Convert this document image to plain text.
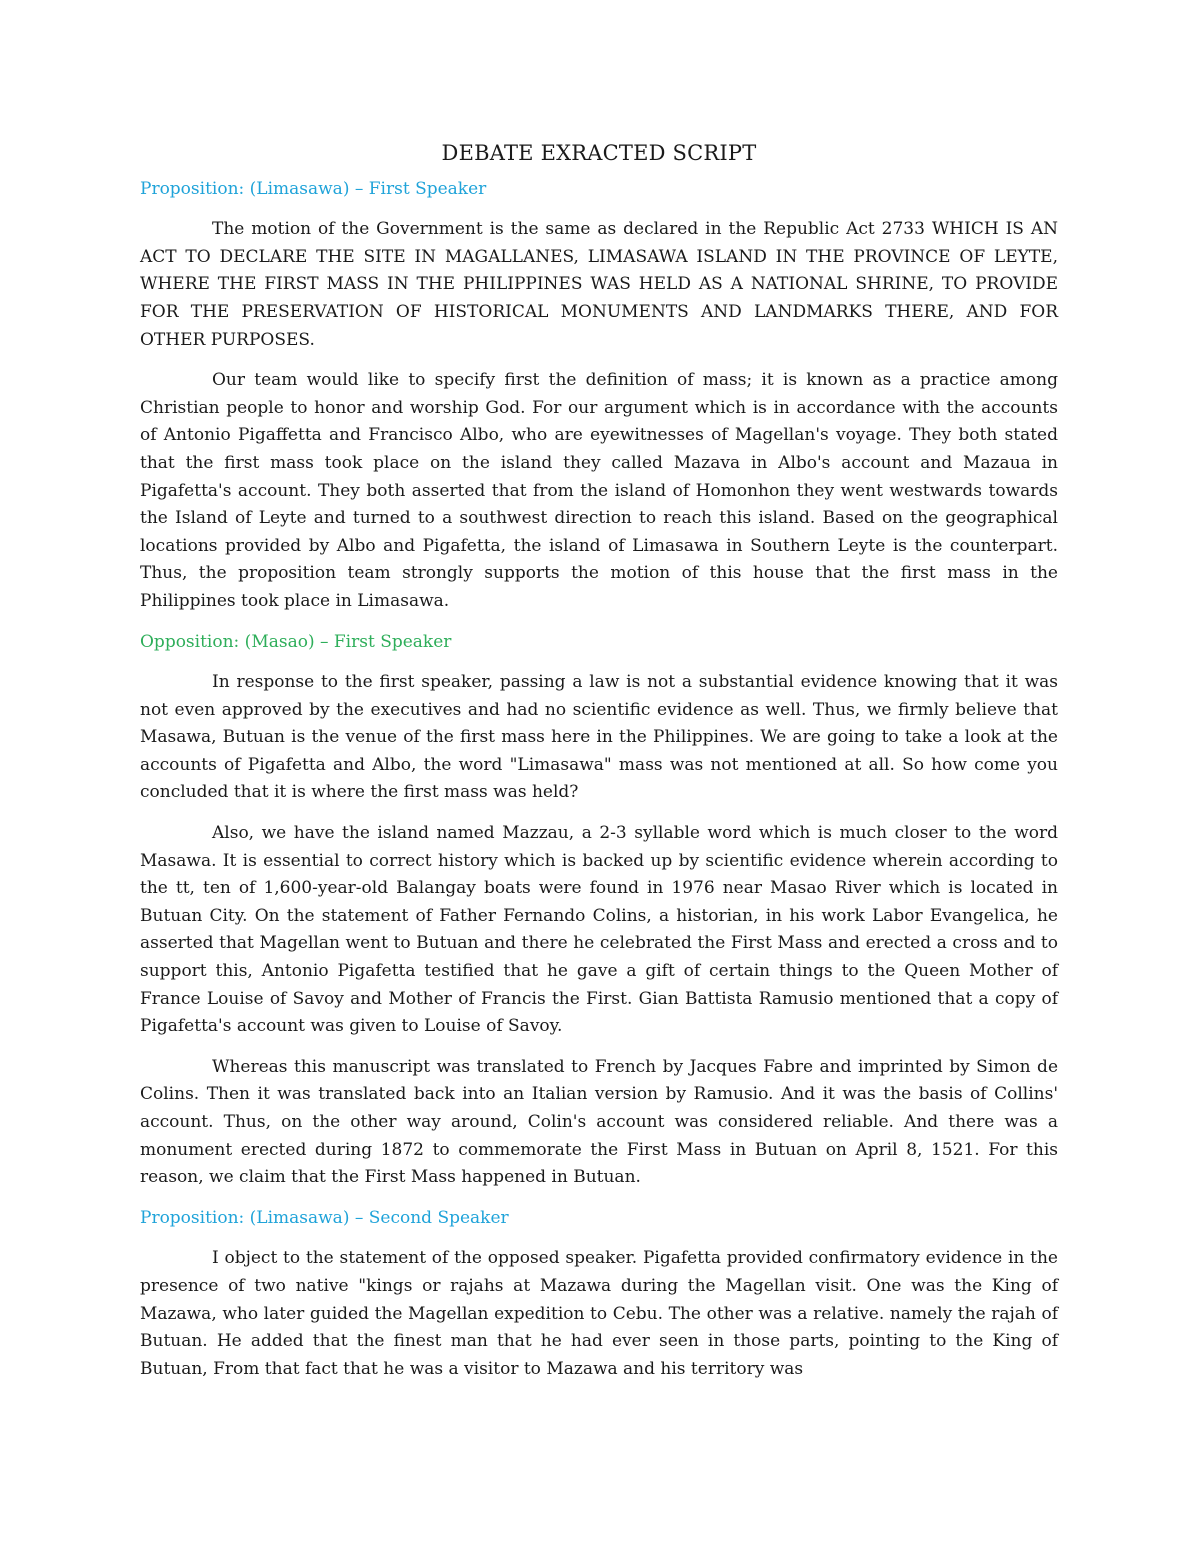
DEBATE EXRACTED SCRIPT
Proposition: (Limasawa) – First Speaker

The motion of the Government is the same as declared in the Republic Act 2733 WHICH IS AN ACT TO DECLARE THE SITE IN MAGALLANES, LIMASAWA ISLAND IN THE PROVINCE OF LEYTE, WHERE THE FIRST MASS IN THE PHILIPPINES WAS HELD AS A NATIONAL SHRINE, TO PROVIDE FOR THE PRESERVATION OF HISTORICAL MONUMENTS AND LANDMARKS THERE, AND FOR OTHER PURPOSES.

Our team would like to specify first the definition of mass; it is known as a practice among Christian people to honor and worship God. For our argument which is in accordance with the accounts of Antonio Pigaffetta and Francisco Albo, who are eyewitnesses of Magellan's voyage. They both stated that the first mass took place on the island they called Mazava in Albo's account and Mazaua in Pigafetta's account. They both asserted that from the island of Homonhon they went westwards towards the Island of Leyte and turned to a southwest direction to reach this island. Based on the geographical locations provided by Albo and Pigafetta, the island of Limasawa in Southern Leyte is the counterpart. Thus, the proposition team strongly supports the motion of this house that the first mass in the Philippines took place in Limasawa.

Opposition: (Masao) – First Speaker

In response to the first speaker, passing a law is not a substantial evidence knowing that it was not even approved by the executives and had no scientific evidence as well. Thus, we firmly believe that Masawa, Butuan is the venue of the first mass here in the Philippines. We are going to take a look at the accounts of Pigafetta and Albo, the word "Limasawa" mass was not mentioned at all. So how come you concluded that it is where the first mass was held?

Also, we have the island named Mazzau, a 2-3 syllable word which is much closer to the word Masawa. It is essential to correct history which is backed up by scientific evidence wherein according to the tt, ten of 1,600-year-old Balangay boats were found in 1976 near Masao River which is located in Butuan City. On the statement of Father Fernando Colins, a historian, in his work Labor Evangelica, he asserted that Magellan went to Butuan and there he celebrated the First Mass and erected a cross and to support this, Antonio Pigafetta testified that he gave a gift of certain things to the Queen Mother of France Louise of Savoy and Mother of Francis the First. Gian Battista Ramusio mentioned that a copy of Pigafetta's account was given to Louise of Savoy.

Whereas this manuscript was translated to French by Jacques Fabre and imprinted by Simon de Colins. Then it was translated back into an Italian version by Ramusio. And it was the basis of Collins' account. Thus, on the other way around, Colin's account was considered reliable. And there was a monument erected during 1872 to commemorate the First Mass in Butuan on April 8, 1521. For this reason, we claim that the First Mass happened in Butuan.

Proposition: (Limasawa) – Second Speaker

I object to the statement of the opposed speaker. Pigafetta provided confirmatory evidence in the presence of two native "kings or rajahs at Mazawa during the Magellan visit. One was the King of Mazawa, who later guided the Magellan expedition to Cebu. The other was a relative. namely the rajah of Butuan. He added that the finest man that he had ever seen in those parts, pointing to the King of Butuan, From that fact that he was a visitor to Mazawa and his territory was
